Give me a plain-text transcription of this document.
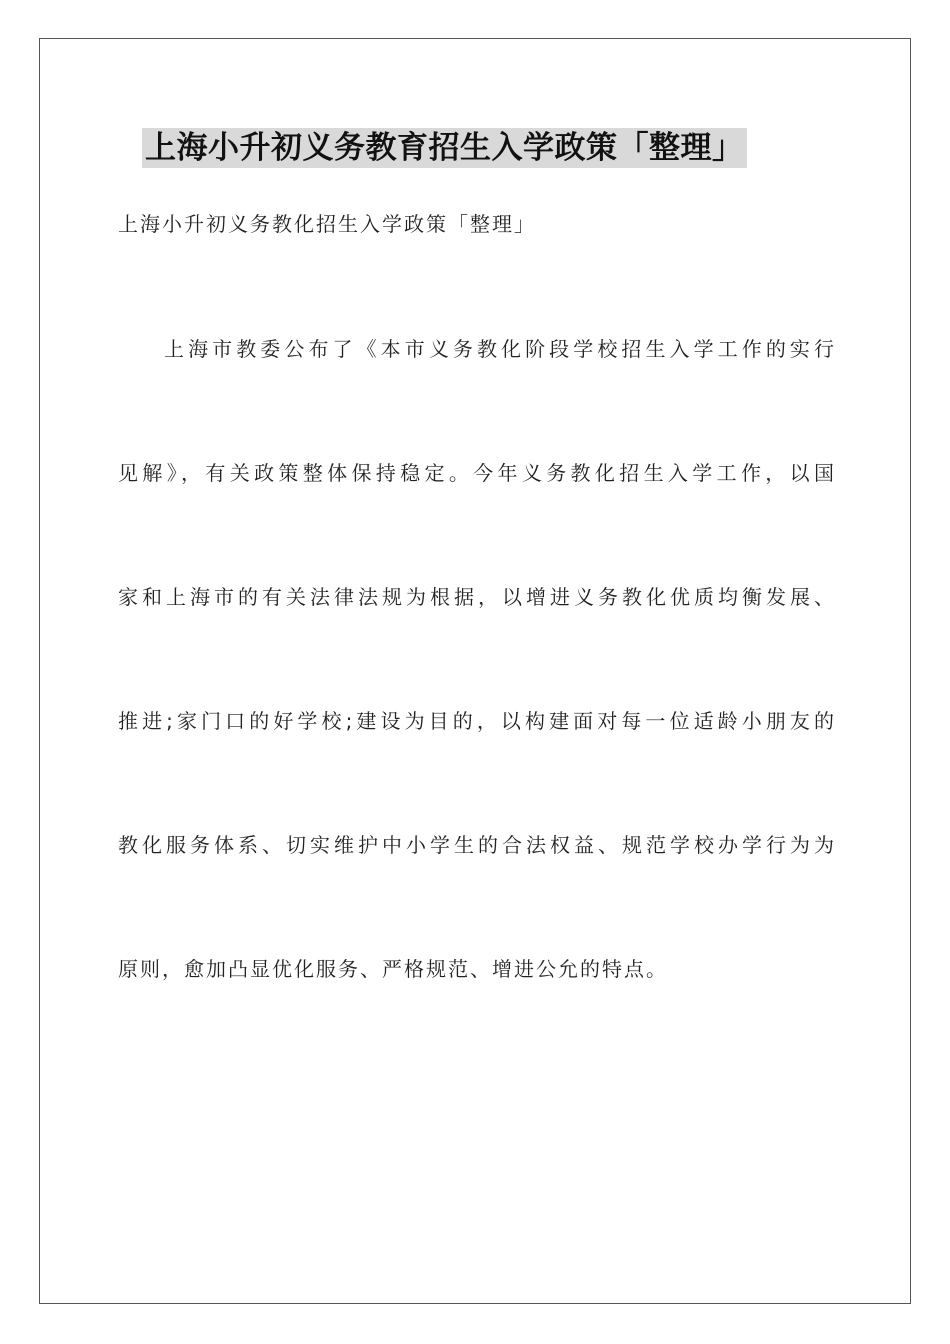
上海小升初义务教育招生入学政策「整理」
上海小升初义务教化招生入学政策「整理」
上海市教委公布了《本市义务教化阶段学校招生入学工作的实行
见解》，有关政策整体保持稳定。今年义务教化招生入学工作，以国
家和上海市的有关法律法规为根据，以增进义务教化优质均衡发展、
推进;家门口的好学校;建设为目的，以构建面对每一位适龄小朋友的
教化服务体系、切实维护中小学生的合法权益、规范学校办学行为为
原则，愈加凸显优化服务、严格规范、增进公允的特点。
